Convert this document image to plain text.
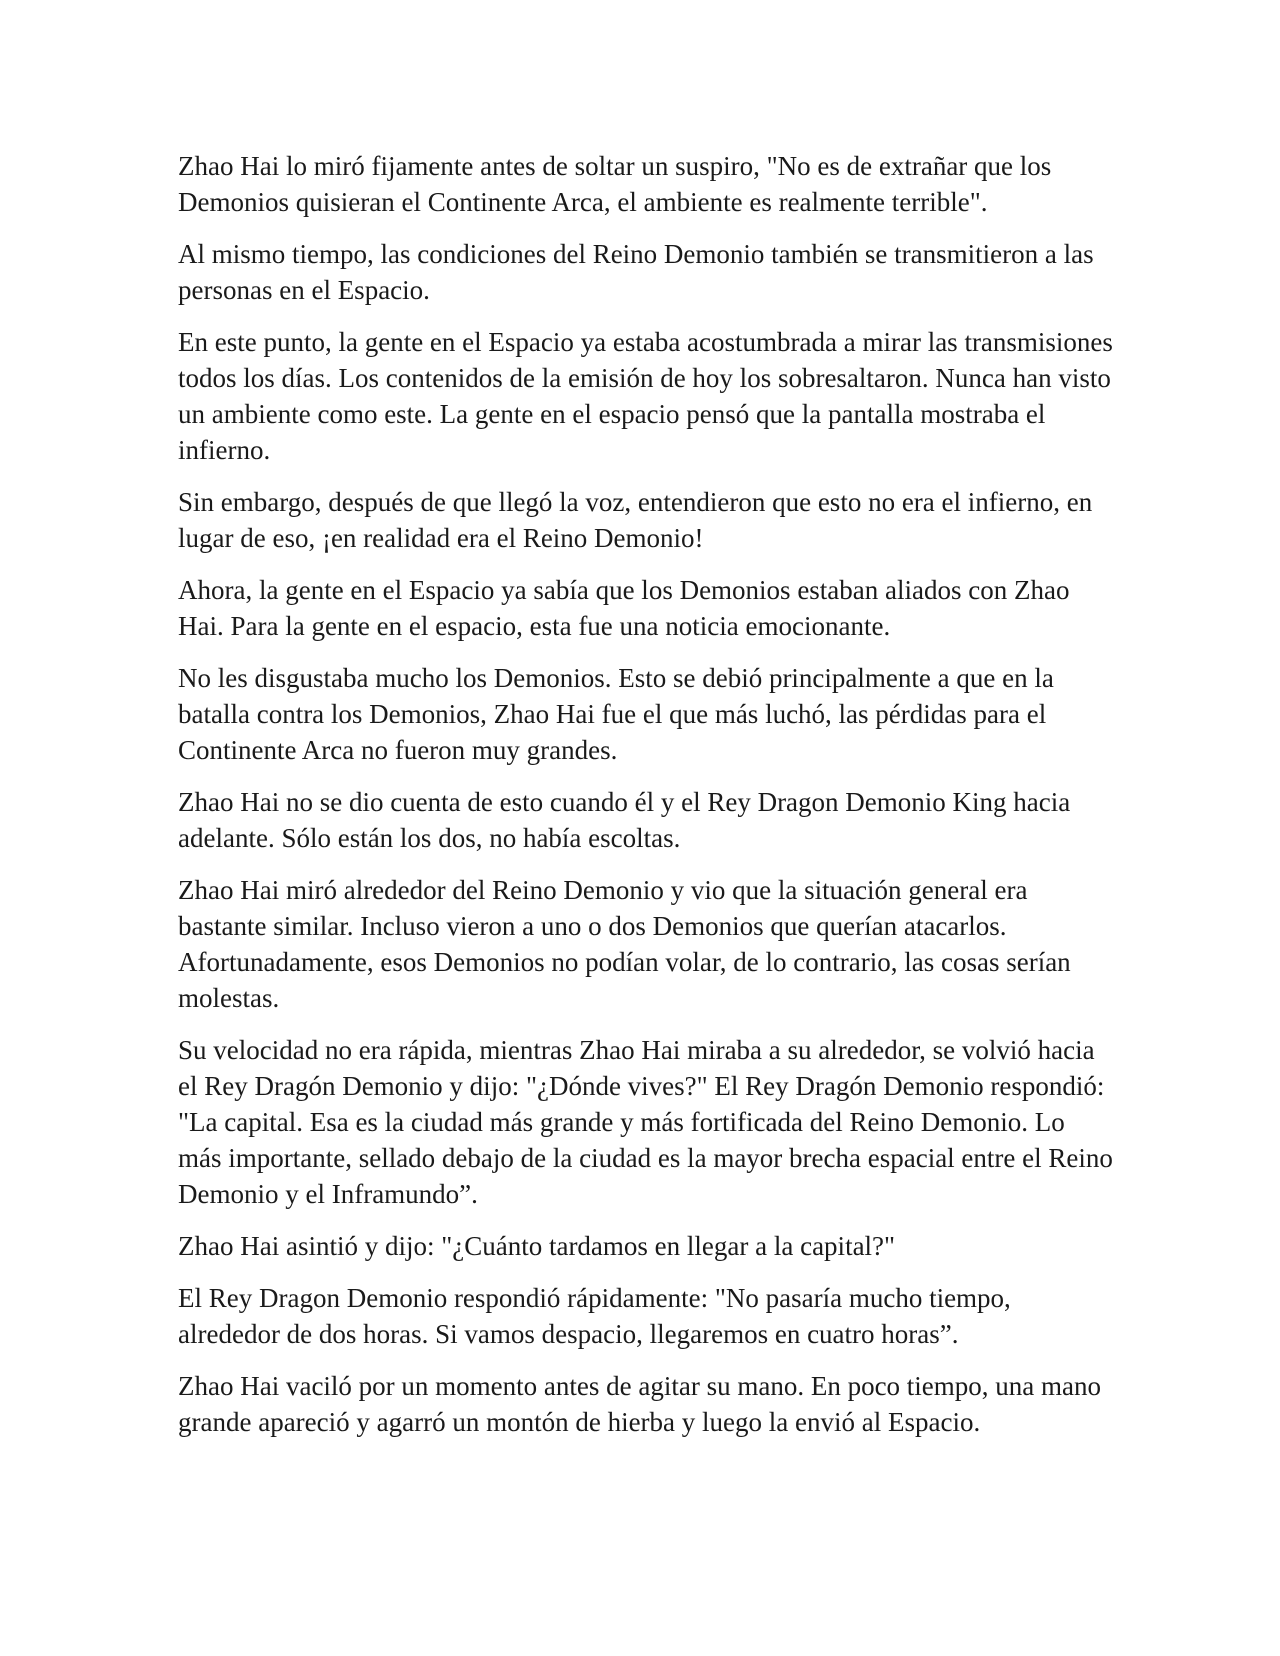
Zhao Hai lo miró fijamente antes de soltar un suspiro, "No es de extrañar que los Demonios quisieran el Continente Arca, el ambiente es realmente terrible".

Al mismo tiempo, las condiciones del Reino Demonio también se transmitieron a las personas en el Espacio.

En este punto, la gente en el Espacio ya estaba acostumbrada a mirar las transmisiones todos los días. Los contenidos de la emisión de hoy los sobresaltaron. Nunca han visto un ambiente como este. La gente en el espacio pensó que la pantalla mostraba el infierno.

Sin embargo, después de que llegó la voz, entendieron que esto no era el infierno, en lugar de eso, ¡en realidad era el Reino Demonio!

Ahora, la gente en el Espacio ya sabía que los Demonios estaban aliados con Zhao Hai. Para la gente en el espacio, esta fue una noticia emocionante.

No les disgustaba mucho los Demonios. Esto se debió principalmente a que en la batalla contra los Demonios, Zhao Hai fue el que más luchó, las pérdidas para el Continente Arca no fueron muy grandes.

Zhao Hai no se dio cuenta de esto cuando él y el Rey Dragon Demonio King hacia adelante. Sólo están los dos, no había escoltas.

Zhao Hai miró alrededor del Reino Demonio y vio que la situación general era bastante similar. Incluso vieron a uno o dos Demonios que querían atacarlos. Afortunadamente, esos Demonios no podían volar, de lo contrario, las cosas serían molestas.

Su velocidad no era rápida, mientras Zhao Hai miraba a su alrededor, se volvió hacia el Rey Dragón Demonio y dijo: "¿Dónde vives?" El Rey Dragón Demonio respondió: "La capital. Esa es la ciudad más grande y más fortificada del Reino Demonio. Lo más importante, sellado debajo de la ciudad es la mayor brecha espacial entre el Reino Demonio y el Inframundo”.

Zhao Hai asintió y dijo: "¿Cuánto tardamos en llegar a la capital?"

El Rey Dragon Demonio respondió rápidamente: "No pasaría mucho tiempo, alrededor de dos horas. Si vamos despacio, llegaremos en cuatro horas”.

Zhao Hai vaciló por un momento antes de agitar su mano. En poco tiempo, una mano grande apareció y agarró un montón de hierba y luego la envió al Espacio.
